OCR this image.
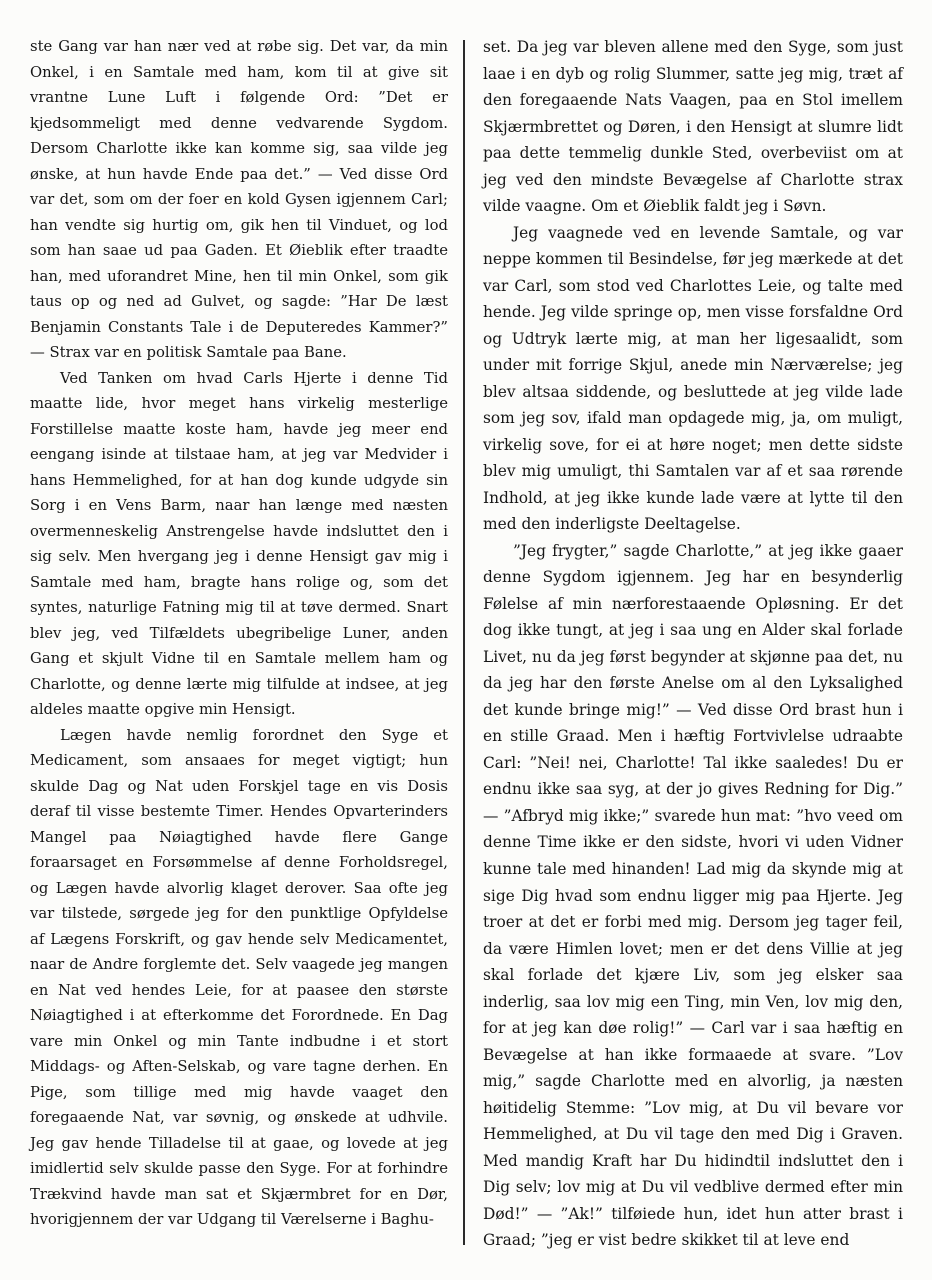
ste Gang var han nær ved at røbe sig. Det var, da min Onkel, i en Samtale med ham, kom til at give sit vrantne Lune Luft i følgende Ord: ”Det er kjedsommeligt med denne vedvarende Sygdom. Dersom Charlotte ikke kan komme sig, saa vilde jeg ønske, at hun havde Ende paa det.” — Ved disse Ord var det, som om der foer en kold Gysen igjennem Carl; han vendte sig hurtig om, gik hen til Vinduet, og lod som han saae ud paa Gaden. Et Øieblik efter traadte han, med uforandret Mine, hen til min Onkel, som gik taus op og ned ad Gulvet, og sagde: ”Har De læst Benjamin Constants Tale i de Deputeredes Kammer?” — Strax var en politisk Samtale paa Bane.

Ved Tanken om hvad Carls Hjerte i denne Tid maatte lide, hvor meget hans virkelig mesterlige Forstillelse maatte koste ham, havde jeg meer end eengang isinde at tilstaae ham, at jeg var Medvider i hans Hemmelighed, for at han dog kunde udgyde sin Sorg i en Vens Barm, naar han længe med næsten overmenneskelig Anstrengelse havde indsluttet den i sig selv. Men hvergang jeg i denne Hensigt gav mig i Samtale med ham, bragte hans rolige og, som det syntes, naturlige Fatning mig til at tøve dermed. Snart blev jeg, ved Tilfældets ubegribelige Luner, anden Gang et skjult Vidne til en Samtale mellem ham og Charlotte, og denne lærte mig tilfulde at indsee, at jeg aldeles maatte opgive min Hensigt.

Lægen havde nemlig forordnet den Syge et Medicament, som ansaaes for meget vigtigt; hun skulde Dag og Nat uden Forskjel tage en vis Dosis deraf til visse bestemte Timer. Hendes Opvarterinders Mangel paa Nøiagtighed havde flere Gange foraarsaget en Forsømmelse af denne Forholdsregel, og Lægen havde alvorlig klaget derover. Saa ofte jeg var tilstede, sørgede jeg for den punktlige Opfyldelse af Lægens Forskrift, og gav hende selv Medicamentet, naar de Andre forglemte det. Selv vaagede jeg mangen en Nat ved hendes Leie, for at paasee den største Nøiagtighed i at efterkomme det Forordnede. En Dag vare min Onkel og min Tante indbudne i et stort Middags- og Aften-Selskab, og vare tagne derhen. En Pige, som tillige med mig havde vaaget den foregaaende Nat, var søvnig, og ønskede at udhvile. Jeg gav hende Tilladelse til at gaae, og lovede at jeg imidlertid selv skulde passe den Syge. For at forhindre Trækvind havde man sat et Skjærmbret for en Dør, hvorigjennem der var Udgang til Værelserne i Baghu-

set. Da jeg var bleven allene med den Syge, som just laae i en dyb og rolig Slummer, satte jeg mig, træt af den foregaaende Nats Vaagen, paa en Stol imellem Skjærmbrettet og Døren, i den Hensigt at slumre lidt paa dette temmelig dunkle Sted, overbeviist om at jeg ved den mindste Bevægelse af Charlotte strax vilde vaagne. Om et Øieblik faldt jeg i Søvn.

Jeg vaagnede ved en levende Samtale, og var neppe kommen til Besindelse, før jeg mærkede at det var Carl, som stod ved Charlottes Leie, og talte med hende. Jeg vilde springe op, men visse forsfaldne Ord og Udtryk lærte mig, at man her ligesaalidt, som under mit forrige Skjul, anede min Nærværelse; jeg blev altsaa siddende, og besluttede at jeg vilde lade som jeg sov, ifald man opdagede mig, ja, om muligt, virkelig sove, for ei at høre noget; men dette sidste blev mig umuligt, thi Samtalen var af et saa rørende Indhold, at jeg ikke kunde lade være at lytte til den med den inderligste Deeltagelse.

”Jeg frygter,” sagde Charlotte,” at jeg ikke gaaer denne Sygdom igjennem. Jeg har en besynderlig Følelse af min nærforestaaende Opløsning. Er det dog ikke tungt, at jeg i saa ung en Alder skal forlade Livet, nu da jeg først begynder at skjønne paa det, nu da jeg har den første Anelse om al den Lyksalighed det kunde bringe mig!” — Ved disse Ord brast hun i en stille Graad. Men i hæftig Fortvivlelse udraabte Carl: ”Nei! nei, Charlotte! Tal ikke saaledes! Du er endnu ikke saa syg, at der jo gives Redning for Dig.” — ”Afbryd mig ikke;” svarede hun mat: ”hvo veed om denne Time ikke er den sidste, hvori vi uden Vidner kunne tale med hinanden! Lad mig da skynde mig at sige Dig hvad som endnu ligger mig paa Hjerte. Jeg troer at det er forbi med mig. Dersom jeg tager feil, da være Himlen lovet; men er det dens Villie at jeg skal forlade det kjære Liv, som jeg elsker saa inderlig, saa lov mig een Ting, min Ven, lov mig den, for at jeg kan døe rolig!” — Carl var i saa hæftig en Bevægelse at han ikke formaaede at svare. ”Lov mig,” sagde Charlotte med en alvorlig, ja næsten høitidelig Stemme: ”Lov mig, at Du vil bevare vor Hemmelighed, at Du vil tage den med Dig i Graven. Med mandig Kraft har Du hidindtil indsluttet den i Dig selv; lov mig at Du vil vedblive dermed efter min Død!” — ”Ak!” tilføiede hun, idet hun atter brast i Graad; ”jeg er vist bedre skikket til at leve end
